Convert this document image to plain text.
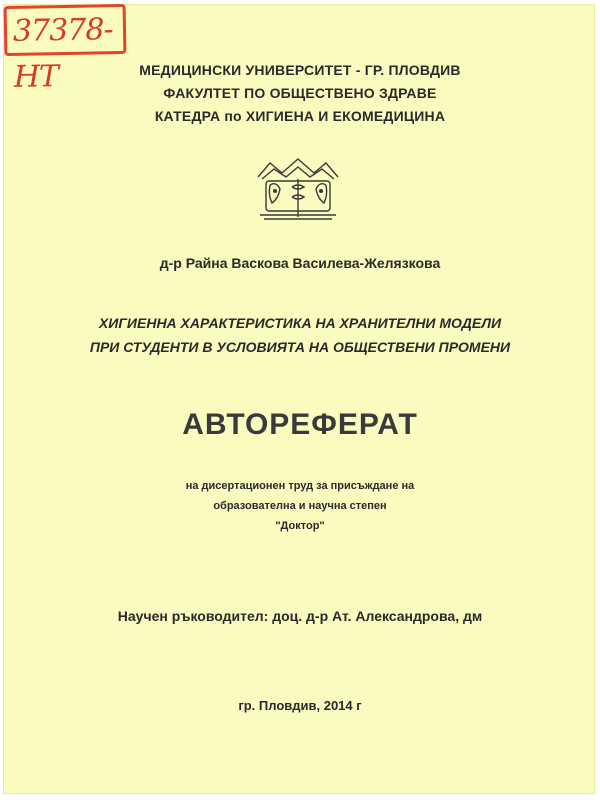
37378-НТ	МЕДИЦИНСКИ УНИВЕРСИТЕТ - ГР. ПЛОВДИВ
ФАКУЛТЕТ ПО ОБЩЕСТВЕНО ЗДРАВЕ
КАТЕДРА по ХИГИЕНА И ЕКОМЕДИЦИНА
д-р Райна Васкова Василева-Желязкова
ХИГИЕННА ХАРАКТЕРИСТИКА НА ХРАНИТЕЛНИ МОДЕЛИ
ПРИ СТУДЕНТИ В УСЛОВИЯТА НА ОБЩЕСТВЕНИ ПРОМЕНИ
АВТОРЕФЕРАТ
на дисертационен труд за присъждане на
образователна и научна степен
"Доктор"
Научен ръководител: доц. д-р Ат. Александрова, дм
гр. Пловдив, 2014 г
